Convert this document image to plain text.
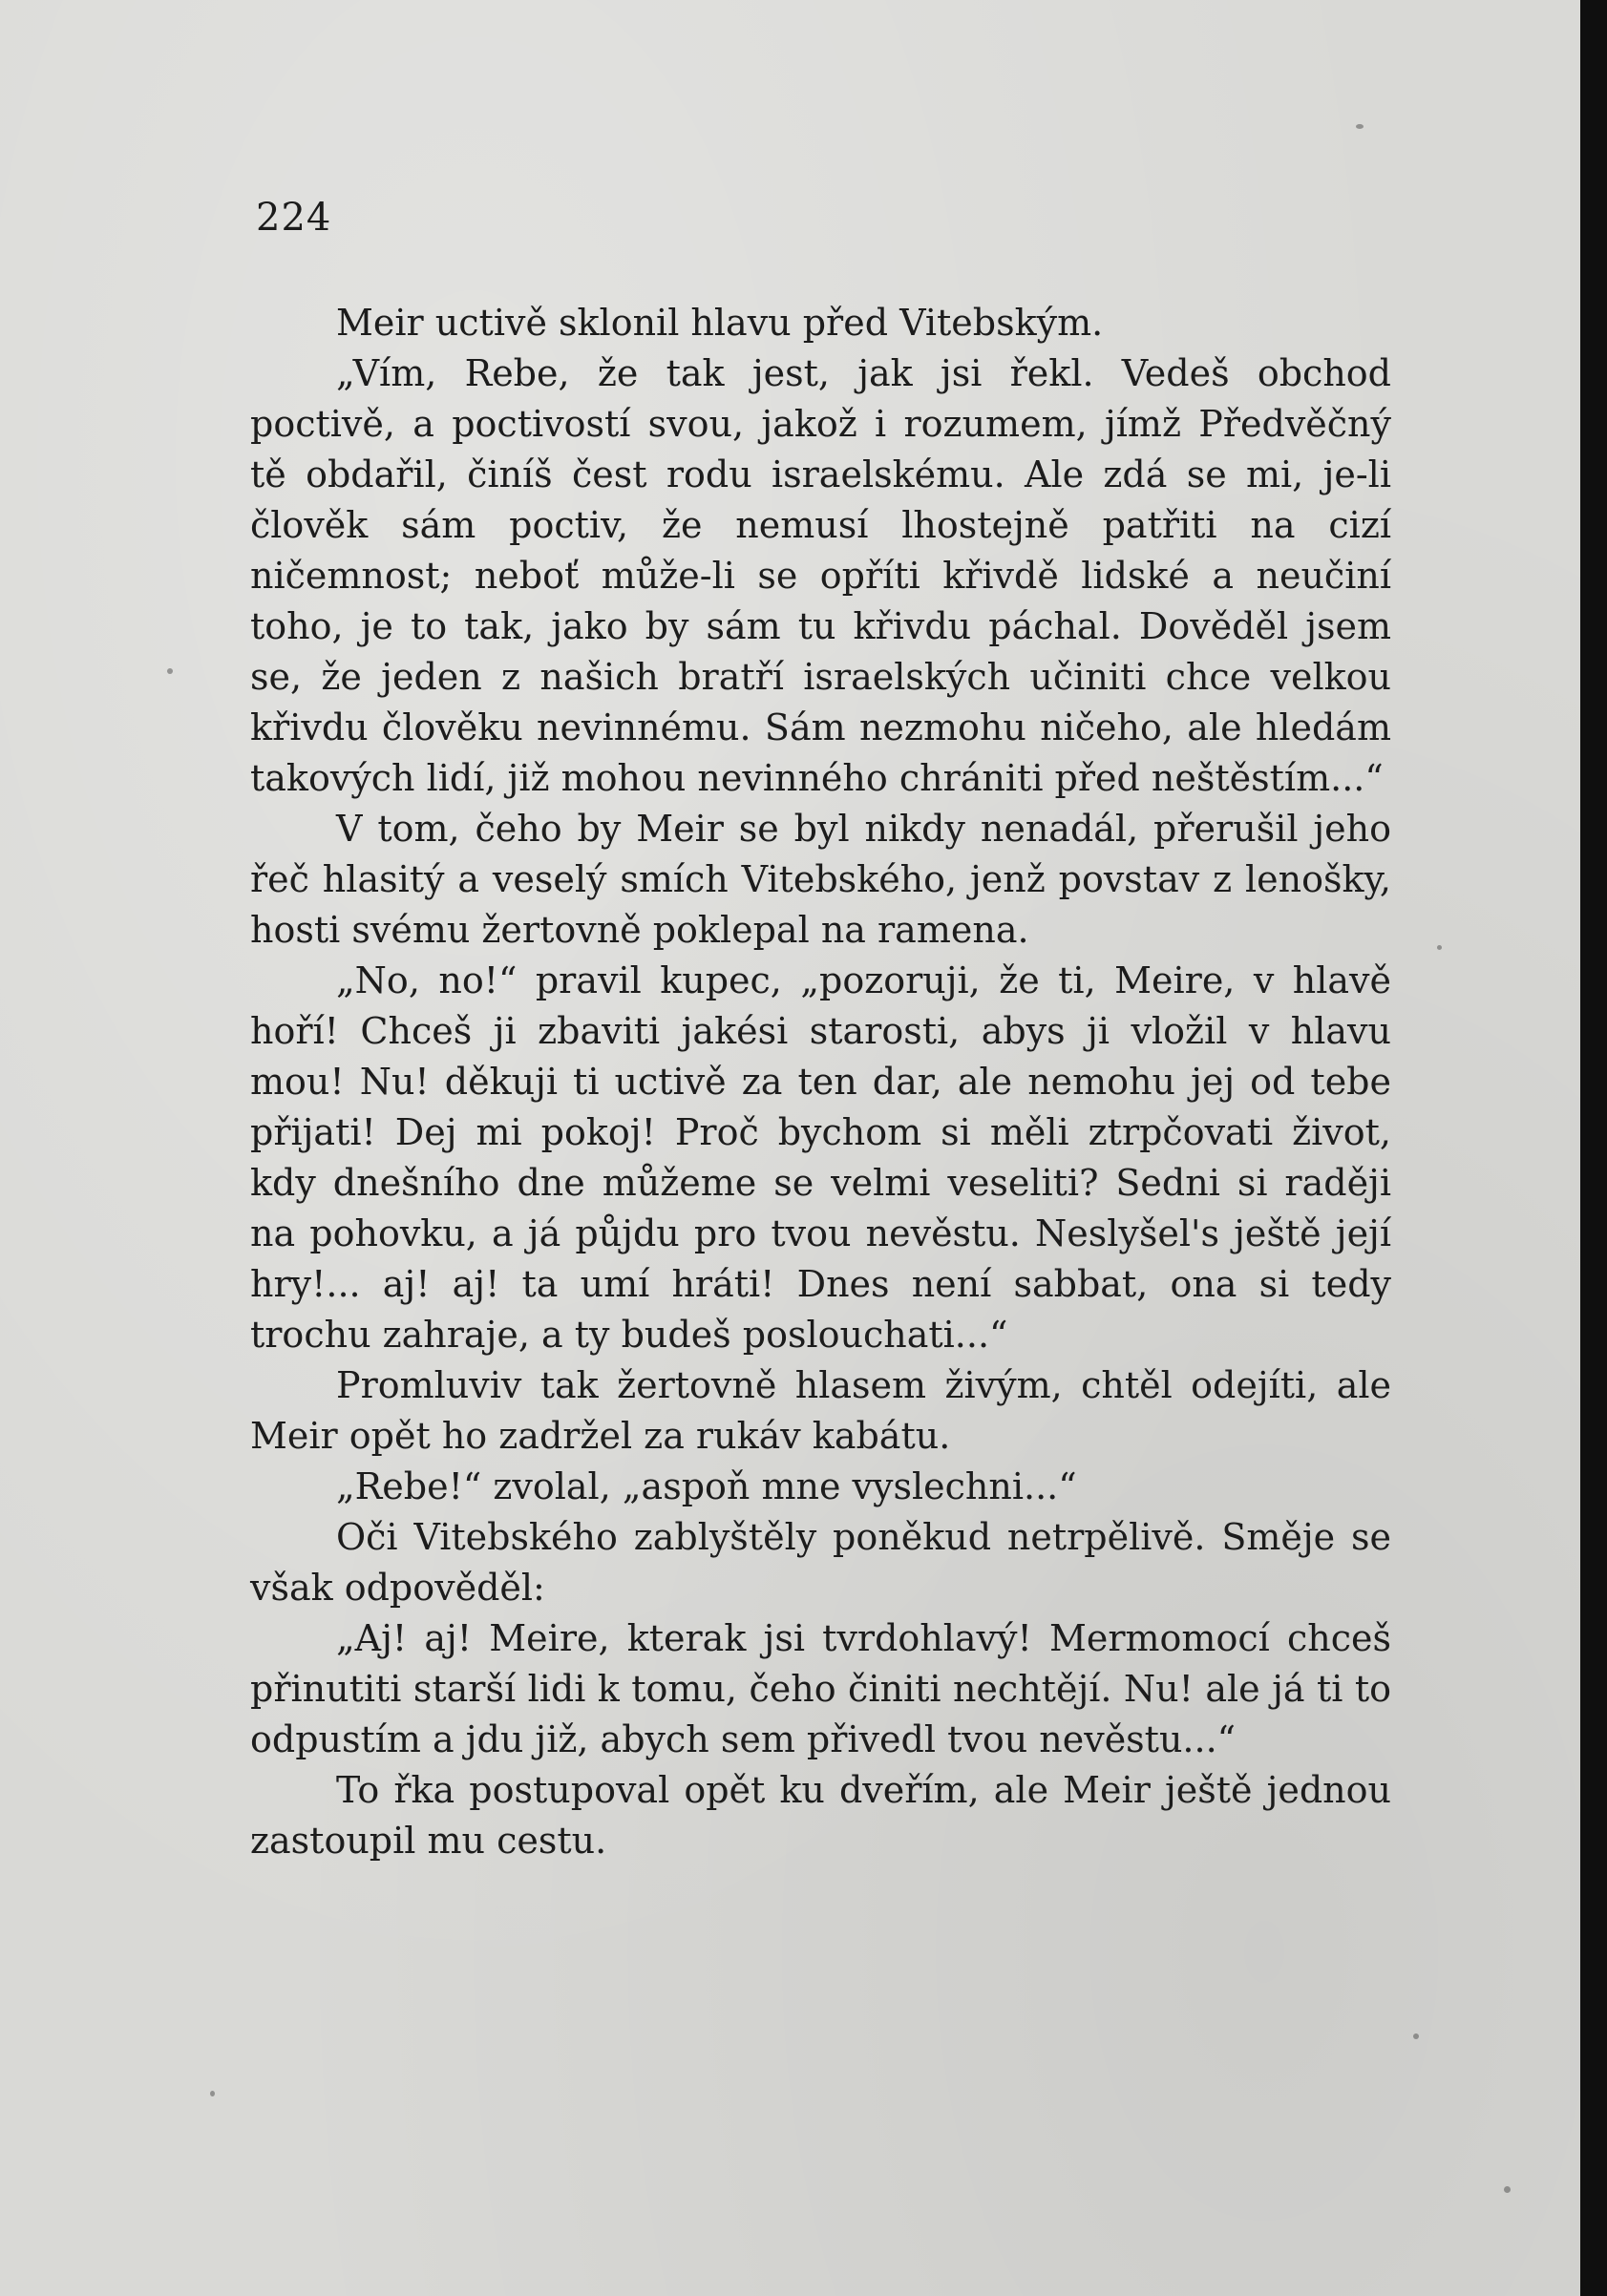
224

Meir uctivě sklonil hlavu před Vitebským.

„Vím, Rebe, že tak jest, jak jsi řekl. Vedeš obchod poctivě, a poctivostí svou, jakož i rozumem, jímž Předvěčný tě obdařil, činíš čest rodu israelskému. Ale zdá se mi, je-li člověk sám poctiv, že nemusí lhostejně patřiti na cizí ničemnost; neboť může-li se opříti křivdě lidské a neučiní toho, je to tak, jako by sám tu křivdu páchal. Dověděl jsem se, že jeden z našich bratří israelských učiniti chce velkou křivdu člověku nevinnému. Sám nezmohu ničeho, ale hledám takových lidí, již mohou nevinného chrániti před neštěstím...“

V tom, čeho by Meir se byl nikdy nenadál, přerušil jeho řeč hlasitý a veselý smích Vitebského, jenž povstav z lenošky, hosti svému žertovně poklepal na ramena.

„No, no!“ pravil kupec, „pozoruji, že ti, Meire, v hlavě hoří! Chceš ji zbaviti jakési starosti, abys ji vložil v hlavu mou! Nu! děkuji ti uctivě za ten dar, ale nemohu jej od tebe přijati! Dej mi pokoj! Proč bychom si měli ztrpčovati život, kdy dnešního dne můžeme se velmi veseliti? Sedni si raději na pohovku, a já půjdu pro tvou nevěstu. Neslyšel's ještě její hry!... aj! aj! ta umí hráti! Dnes není sabbat, ona si tedy trochu zahraje, a ty budeš poslouchati...“

Promluviv tak žertovně hlasem živým, chtěl odejíti, ale Meir opět ho zadržel za rukáv kabátu.

„Rebe!“ zvolal, „aspoň mne vyslechni...“

Oči Vitebského zablyštěly poněkud netrpělivě. Směje se však odpověděl:

„Aj! aj! Meire, kterak jsi tvrdohlavý! Mermomocí chceš přinutiti starší lidi k tomu, čeho činiti nechtějí. Nu! ale já ti to odpustím a jdu již, abych sem přivedl tvou nevěstu...“

To řka postupoval opět ku dveřím, ale Meir ještě jednou zastoupil mu cestu.
